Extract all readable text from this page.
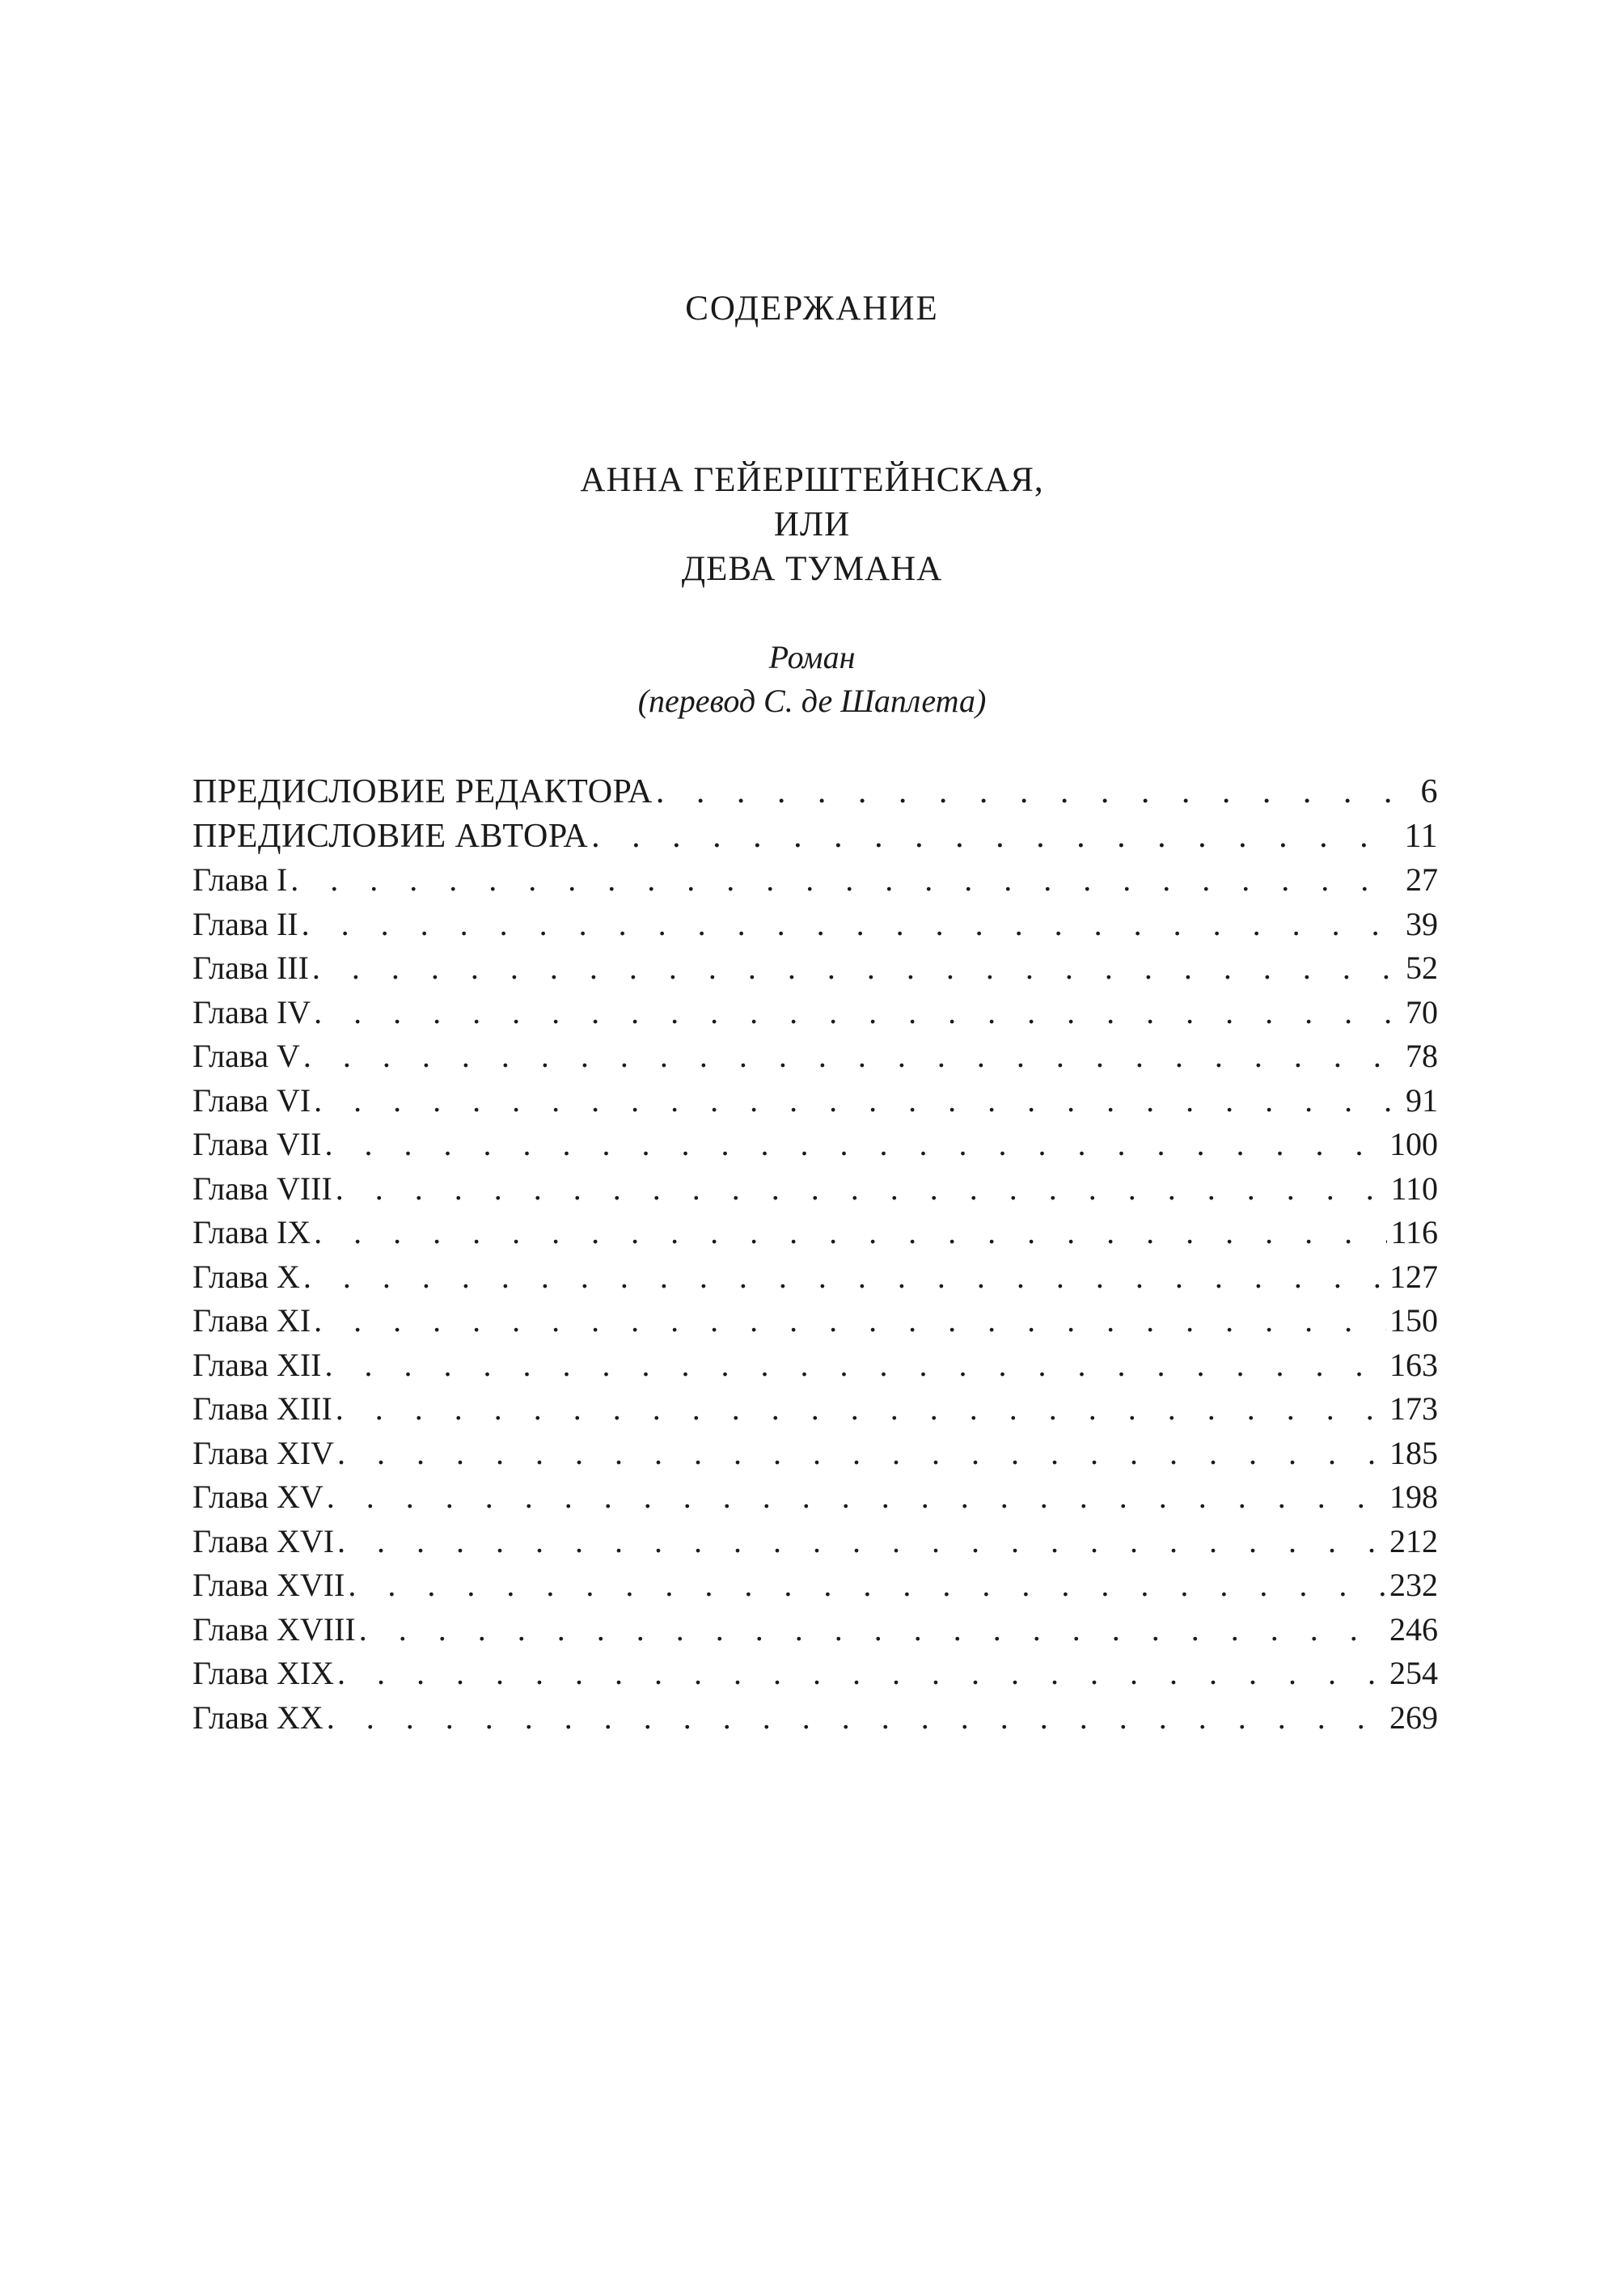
СОДЕРЖАНИЕ
АННА ГЕЙЕРШТЕЙНСКАЯ,
ИЛИ
ДЕВА ТУМАНА
Роман
(перевод С. де Шаплета)
ПРЕДИСЛОВИЕ РЕДАКТОРА . . .	6
ПРЕДИСЛОВИЕ АВТОРА . . .	11
Глава I . . .	27
Глава II . . .	39
Глава III . . .	52
Глава IV . . .	70
Глава V . . .	78
Глава VI . . .	91
Глава VII . . .	100
Глава VIII . . .	110
Глава IX . . .	116
Глава X . . .	127
Глава XI . . .	150
Глава XII . . .	163
Глава XIII . . .	173
Глава XIV . . .	185
Глава XV . . .	198
Глава XVI . . .	212
Глава XVII . . .	232
Глава XVIII . . .	246
Глава XIX . . .	254
Глава XX . . .	269
